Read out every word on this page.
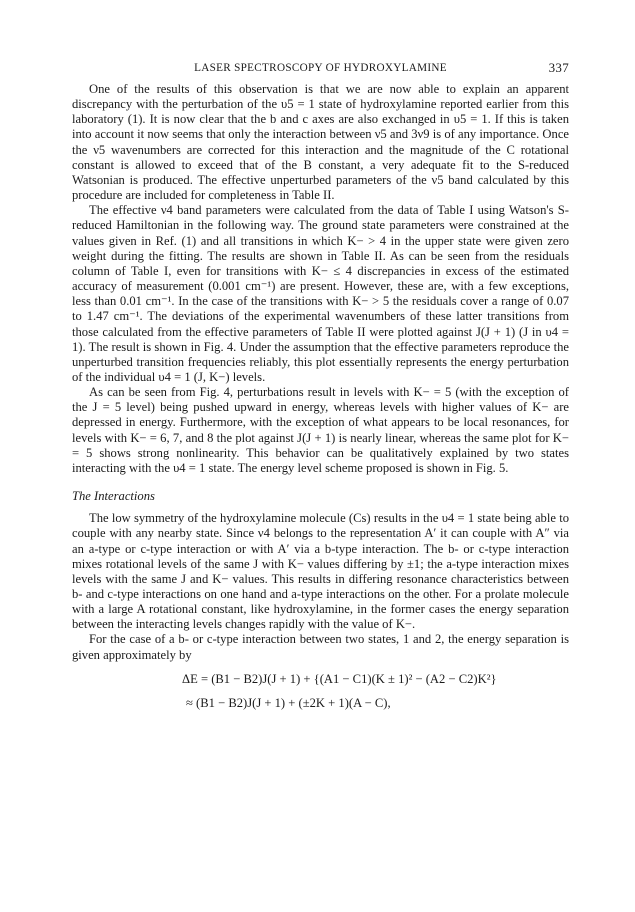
LASER SPECTROSCOPY OF HYDROXYLAMINE	337

One of the results of this observation is that we are now able to explain an apparent discrepancy with the perturbation of the υ5 = 1 state of hydroxylamine reported earlier from this laboratory (1). It is now clear that the b and c axes are also exchanged in υ5 = 1. If this is taken into account it now seems that only the interaction between ν5 and 3ν9 is of any importance. Once the ν5 wavenumbers are corrected for this interaction and the magnitude of the C rotational constant is allowed to exceed that of the B constant, a very adequate fit to the S-reduced Watsonian is produced. The effective unperturbed parameters of the ν5 band calculated by this procedure are included for completeness in Table II.

The effective ν4 band parameters were calculated from the data of Table I using Watson's S-reduced Hamiltonian in the following way. The ground state parameters were constrained at the values given in Ref. (1) and all transitions in which K− > 4 in the upper state were given zero weight during the fitting. The results are shown in Table II. As can be seen from the residuals column of Table I, even for transitions with K− ≤ 4 discrepancies in excess of the estimated accuracy of measurement (0.001 cm⁻¹) are present. However, these are, with a few exceptions, less than 0.01 cm⁻¹. In the case of the transitions with K− > 5 the residuals cover a range of 0.07 to 1.47 cm⁻¹. The deviations of the experimental wavenumbers of these latter transitions from those calculated from the effective parameters of Table II were plotted against J(J + 1) (J in υ4 = 1). The result is shown in Fig. 4. Under the assumption that the effective parameters reproduce the unperturbed transition frequencies reliably, this plot essentially represents the energy perturbation of the individual υ4 = 1 (J, K−) levels.

As can be seen from Fig. 4, perturbations result in levels with K− = 5 (with the exception of the J = 5 level) being pushed upward in energy, whereas levels with higher values of K− are depressed in energy. Furthermore, with the exception of what appears to be local resonances, for levels with K− = 6, 7, and 8 the plot against J(J + 1) is nearly linear, whereas the same plot for K− = 5 shows strong nonlinearity. This behavior can be qualitatively explained by two states interacting with the υ4 = 1 state. The energy level scheme proposed is shown in Fig. 5.

The Interactions

The low symmetry of the hydroxylamine molecule (Cs) results in the υ4 = 1 state being able to couple with any nearby state. Since ν4 belongs to the representation A′ it can couple with A″ via an a-type or c-type interaction or with A′ via a b-type interaction. The b- or c-type interaction mixes rotational levels of the same J with K− values differing by ±1; the a-type interaction mixes levels with the same J and K− values. This results in differing resonance characteristics between b- and c-type interactions on one hand and a-type interactions on the other. For a prolate molecule with a large A rotational constant, like hydroxylamine, in the former cases the energy separation between the interacting levels changes rapidly with the value of K−.

For the case of a b- or c-type interaction between two states, 1 and 2, the energy separation is given approximately by

ΔE = (B1 − B2)J(J + 1) + {(A1 − C1)(K ± 1)² − (A2 − C2)K²}
≈ (B1 − B2)J(J + 1) + (±2K + 1)(A − C),
